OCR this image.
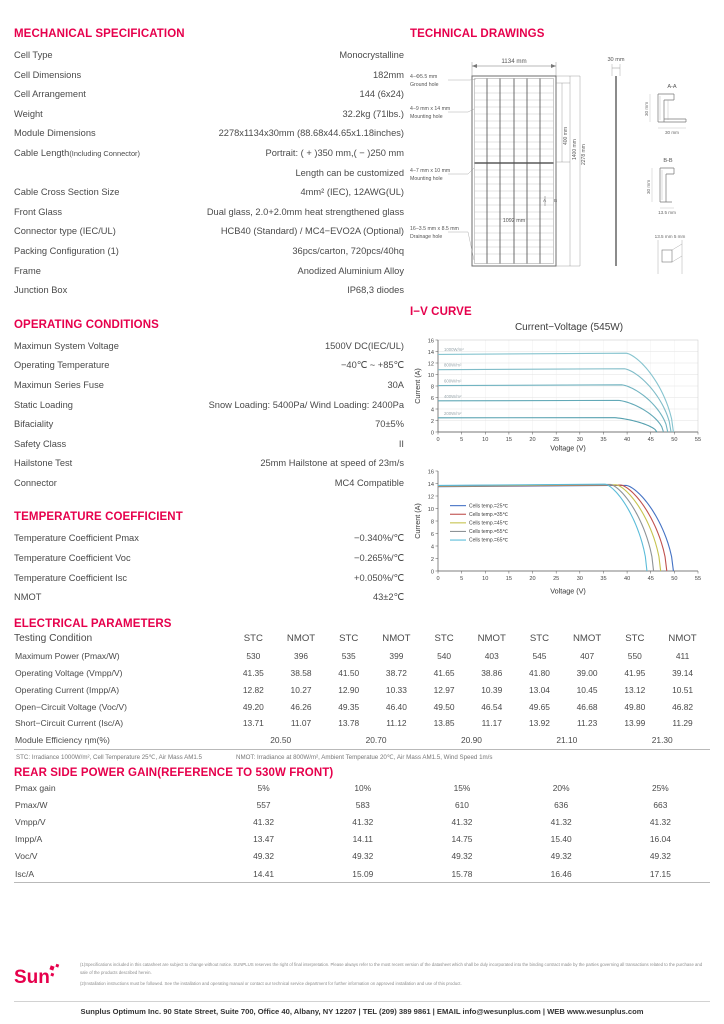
MECHANICAL SPECIFICATION
Cell Type	Monocrystalline
Cell Dimensions	182mm
Cell Arrangement	144 (6x24)
Weight	32.2kg (71lbs.)
Module Dimensions	2278x1134x30mm (88.68x44.65x1.18inches)
Cable Length(Including Connector)	Portrait: ( + )350 mm,( − )250 mm
Length can be customized
Cable Cross Section Size	4mm² (IEC), 12AWG(UL)
Front Glass	Dual glass, 2.0+2.0mm heat strengthened glass
Connector type (IEC/UL)	HCB40 (Standard) / MC4−EVO2A (Optional)
Packing Configuration (1)	36pcs/carton, 720pcs/40hq
Frame	Anodized Aluminium Alloy
Junction Box	IP68,3 diodes
OPERATING CONDITIONS
Maximun System Voltage	1500V DC(IEC/UL)
Operating Temperature	−40℃ ~ +85℃
Maximun Series Fuse	30A
Static Loading	Snow Loading: 5400Pa/ Wind Loading: 2400Pa
Bifaciality	70±5%
Safety Class	II
Hailstone Test	25mm Hailstone at speed of 23m/s
Connector	MC4 Compatible
TEMPERATURE COEFFICIENT
Temperature Coefficient Pmax	−0.340%/℃
Temperature Coefficient Voc	−0.265%/℃
Temperature Coefficient Isc	+0.050%/℃
NMOT	43±2℃
TECHNICAL DRAWINGS
1134 mm	30 mm
4−Φ5.5 mm
Ground hole
4−9 mm x 14 mm
Mounting hole
4−7 mm x 10 mm
Mounting hole
16−3.5 mm x 8.5 mm
Drainage hole
1092 mm
400 mm
1400 mm 2278 mm
A-A
30 mm
30 mm
B-B
30 mm
13.5 mm
13.5 mm 5 mm
A B
I−V CURVE
Current−Voltage (545W)
0
2
4
6
8
10
12
14
16
0	5	10	15	20	25	30	35	40	45	50	55
Voltage (V)
Current (A)
1000W/m²
800W/m²
600W/m²
400W/m²
200W/m²
0
2
4
6
8
10
12
14
16
0	5	10	15	20	25	30	35	40	45	50	55
Voltage (V)
Current (A)	Cells temp.=25℃
Cells temp.=35℃
Cells temp.=45℃
Cells temp.=55℃
Cells temp.=65℃
ELECTRICAL PARAMETERS
Testing Condition	STC	NMOT	STC	NMOT	STC	NMOT	STC	NMOT	STC	NMOT
Maximum Power (Pmax/W)	530	396	535	399	540	403	545	407	550	411
Operating Voltage (Vmpp/V)	41.35	38.58	41.50	38.72	41.65	38.86	41.80	39.00	41.95	39.14
Operating Current (Impp/A)	12.82	10.27	12.90	10.33	12.97	10.39	13.04	10.45	13.12	10.51
Open−Circuit Voltage (Voc/V)	49.20	46.26	49.35	46.40	49.50	46.54	49.65	46.68	49.80	46.82
Short−Circuit Current (Isc/A)	13.71	11.07	13.78	11.12	13.85	11.17	13.92	11.23	13.99	11.29
Module Efficiency ηm(%)	20.50		20.70		20.90		21.10		21.30	

STC: Irradiance 1000W/m², Cell Temperature 25℃, Air Mass AM1.5	NMOT: Irradiance at 800W/m², Ambient Temperatue 20℃, Air Mass AM1.5, Wind Speed 1m/s
REAR SIDE POWER GAIN(REFERENCE TO 530W FRONT)
Pmax gain	5%	10%	15%	20%	25%
Pmax/W	557	583	610	636	663
Vmpp/V	41.32	41.32	41.32	41.32	41.32
Impp/A	13.47	14.11	14.75	15.40	16.04
Voc/V	49.32	49.32	49.32	49.32	49.32
Isc/A	14.41	15.09	15.78	16.46	17.15

Sun

(1)Specifications included in this catasheet are subject to change without notice. SUNPLUS reserves the right of final interpretation. Please always refer to the most recent version of the datasheet which shall be duly incorporated into the binding contract made by the parties governing all transactions related to the purchase and sale of the products described herein.

(2)Installation instructions must be followed. See the installation and operating manual or contact our technical service department for further information on approved installation and use of this product.

Sunplus Optimum Inc. 90 State Street, Suite 700, Office 40, Albany, NY 12207 | TEL (209) 389 9861 | EMAIL info@wesunplus.com | WEB www.wesunplus.com
